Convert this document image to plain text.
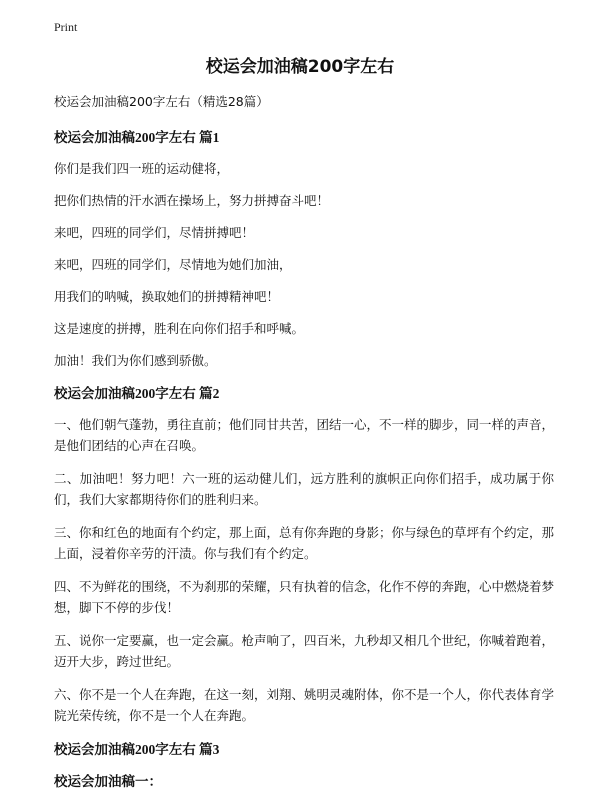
Print
校运会加油稿200字左右

校运会加油稿200字左右（精选28篇）

校运会加油稿200字左右 篇1

你们是我们四一班的运动健将，

把你们热情的汗水洒在操场上，努力拼搏奋斗吧！

来吧，四班的同学们，尽情拼搏吧！

来吧，四班的同学们，尽情地为她们加油，

用我们的呐喊，换取她们的拼搏精神吧！

这是速度的拼搏，胜利在向你们招手和呼喊。

加油！我们为你们感到骄傲。

校运会加油稿200字左右 篇2

一、他们朝气蓬勃，勇往直前；他们同甘共苦，团结一心，不一样的脚步，同一样的声音，是他们团结的心声在召唤。

二、加油吧！努力吧！六一班的运动健儿们，远方胜利的旗帜正向你们招手，成功属于你们，我们大家都期待你们的胜利归来。

三、你和红色的地面有个约定，那上面，总有你奔跑的身影；你与绿色的草坪有个约定，那上面，浸着你辛劳的汗渍。你与我们有个约定。

四、不为鲜花的围绕，不为刹那的荣耀，只有执着的信念，化作不停的奔跑，心中燃烧着梦想，脚下不停的步伐！

五、说你一定要赢，也一定会赢。枪声响了，四百米，九秒却又相几个世纪，你喊着跑着，迈开大步，跨过世纪。

六、你不是一个人在奔跑，在这一刻，刘翔、姚明灵魂附体，你不是一个人，你代表体育学院光荣传统，你不是一个人在奔跑。

校运会加油稿200字左右 篇3

校运会加油稿一：
